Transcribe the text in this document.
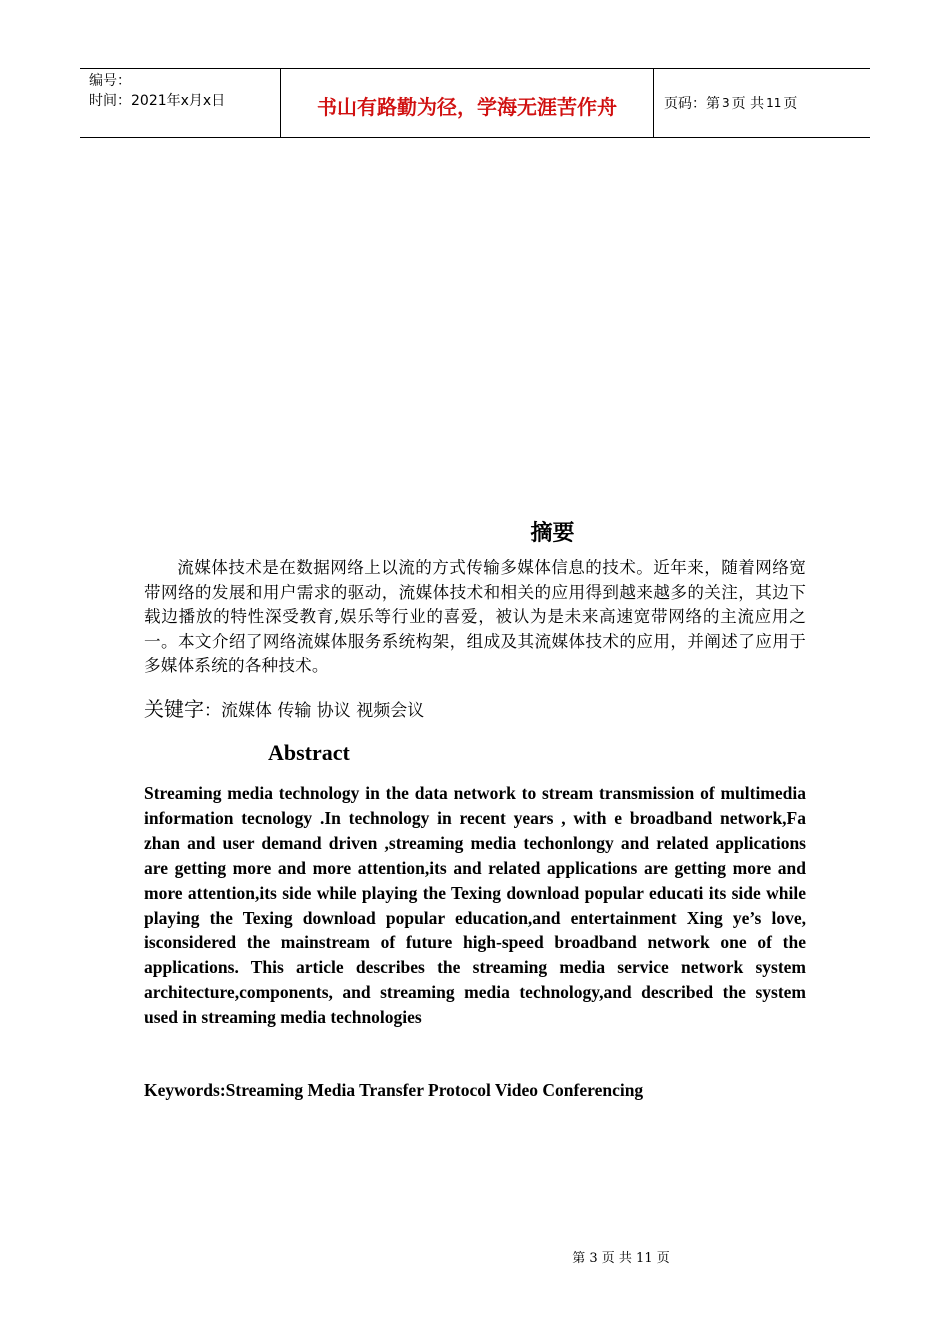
编号：
时间：2021年x月x日	书山有路勤为径，学海无涯苦作舟	页码：第 3 页 共 11 页
摘要

流媒体技术是在数据网络上以流的方式传输多媒体信息的技术。近年来，随着网络宽带网络的发展和用户需求的驱动，流媒体技术和相关的应用得到越来越多的关注，其边下载边播放的特性深受教育,娱乐等行业的喜爱，被认为是未来高速宽带网络的主流应用之一。本文介绍了网络流媒体服务系统构架，组成及其流媒体技术的应用，并阐述了应用于多媒体系统的各种技术。

关键字：流媒体 传输 协议 视频会议

Abstract

Streaming media technology in the data network to stream transmission of multimedia information tecnology .In technology in recent years , with e broadband network,Fa zhan and user demand driven ,streaming media techonlongy and related applications are getting more and more attention,its and related applications are getting more and more attention,its side while playing the Texing download popular educati its side while playing the Texing download popular education,and entertainment Xing ye’s love, isconsidered the mainstream of future high-speed broadband network one of the applications. This article describes the streaming media service network system architecture,components, and streaming media technology,and described the system used in streaming media technologies

Keywords:Streaming Media Transfer Protocol Video Conferencing

第 3 页 共 11 页
